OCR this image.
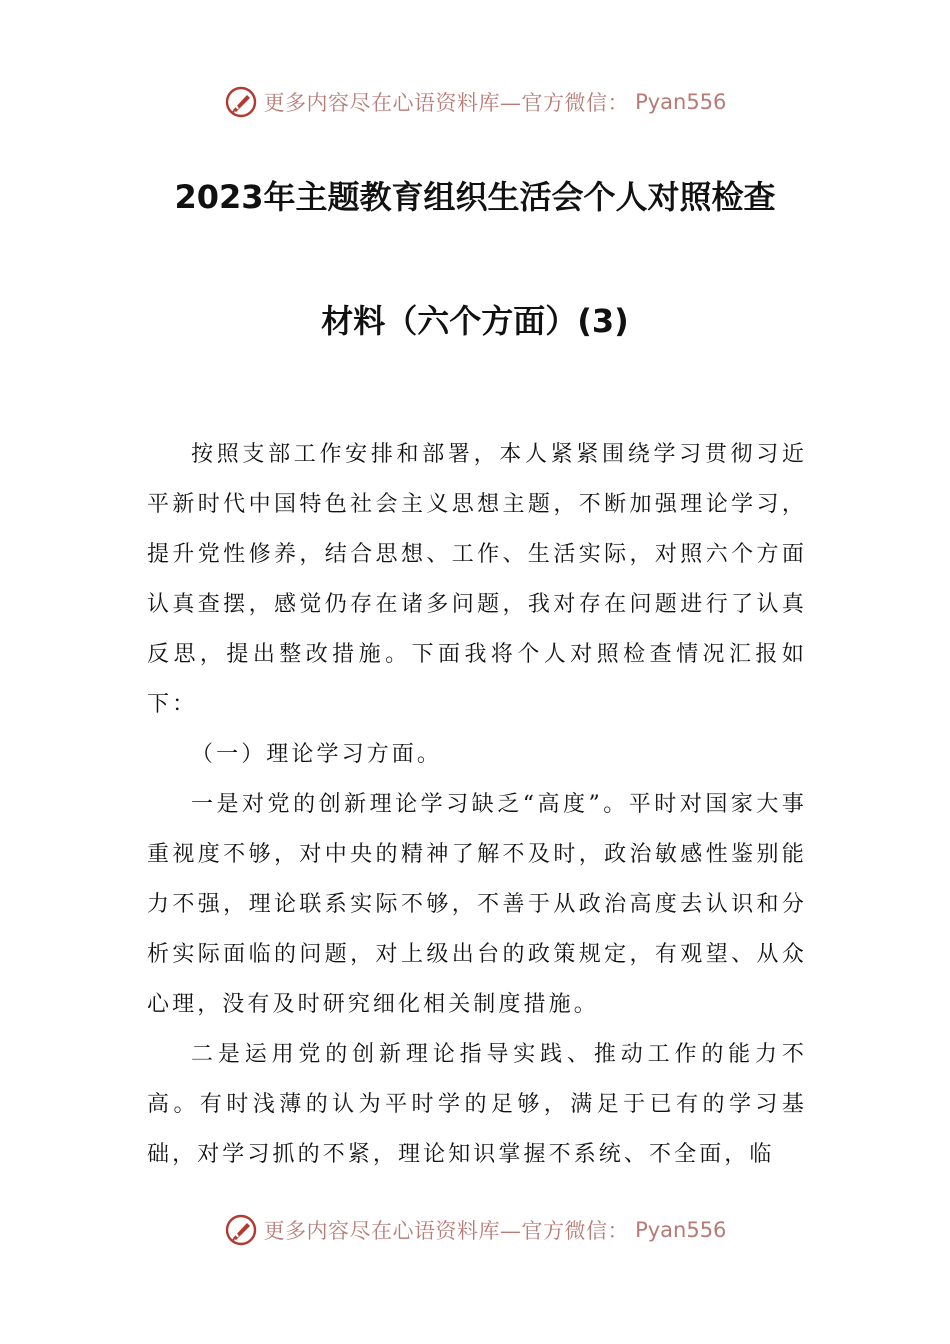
更多内容尽在心语资料库—官方微信： Pyan556
2023年主题教育组织生活会个人对照检查
材料（六个方面）(3)

按照支部工作安排和部署，本人紧紧围绕学习贯彻习近平新时代中国特色社会主义思想主题，不断加强理论学习，提升党性修养，结合思想、工作、生活实际，对照六个方面认真查摆，感觉仍存在诸多问题，我对存在问题进行了认真反思，提出整改措施。下面我将个人对照检查情况汇报如下：

（一）理论学习方面。

一是对党的创新理论学习缺乏“高度”。平时对国家大事重视度不够，对中央的精神了解不及时，政治敏感性鉴别能力不强，理论联系实际不够，不善于从政治高度去认识和分析实际面临的问题，对上级出台的政策规定，有观望、从众心理，没有及时研究细化相关制度措施。

二是运用党的创新理论指导实践、推动工作的能力不高。有时浅薄的认为平时学的足够，满足于已有的学习基础，对学习抓的不紧，理论知识掌握不系统、不全面，临

更多内容尽在心语资料库—官方微信： Pyan556
